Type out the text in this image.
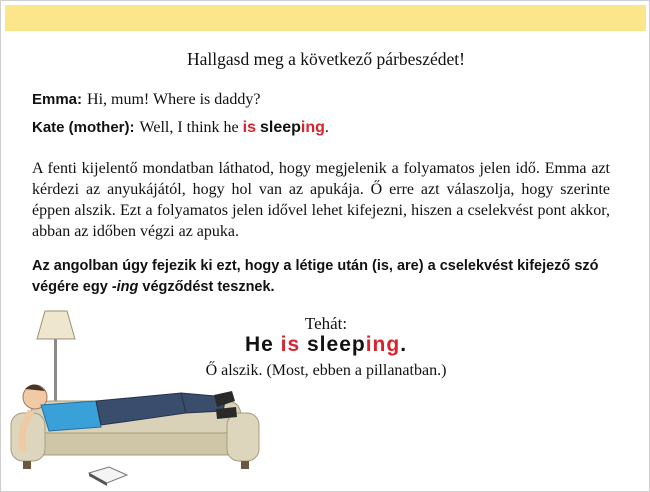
Hallgasd meg a következő párbeszédet!
Emma: Hi, mum! Where is daddy?
Kate (mother): Well, I think he is sleeping.
A fenti kijelentő mondatban láthatod, hogy megjelenik a folyamatos jelen idő. Emma azt kérdezi az anyukájától, hogy hol van az apukája. Ő erre azt válaszolja, hogy szerinte éppen alszik. Ezt a folyamatos jelen idővel lehet kifejezni, hiszen a cselekvést pont akkor, abban az időben végzi az apuka.
Az angolban úgy fejezik ki ezt, hogy a létige után (is, are) a cselekvést kifejező szó végére egy -ing végződést tesznek.
Tehát:
He is sleeping.
Ő alszik. (Most, ebben a pillanatban.)
